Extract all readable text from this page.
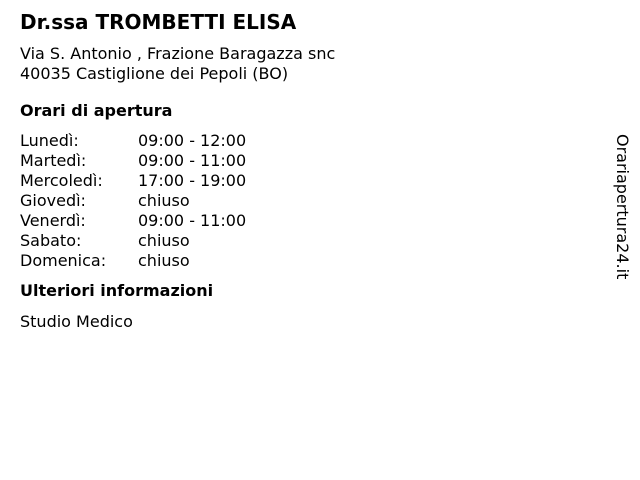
Dr.ssa TROMBETTI ELISA
Via S. Antonio , Frazione Baragazza snc
40035 Castiglione dei Pepoli (BO)
Orari di apertura
Lunedì:	09:00 - 12:00
Martedì:	09:00 - 11:00
Mercoledì:	17:00 - 19:00
Giovedì:	chiuso
Venerdì:	09:00 - 11:00
Sabato:	chiuso
Domenica:	chiuso
Ulteriori informazioni
Studio Medico
Orariapertura24.it
